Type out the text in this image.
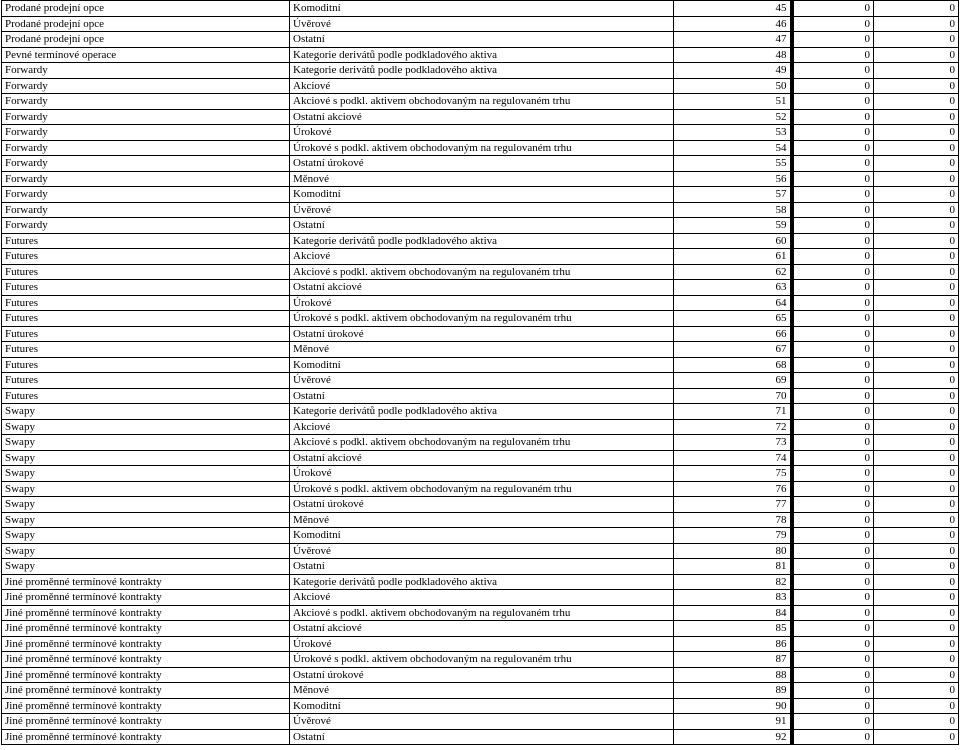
Prodané prodejní opce	Komoditní	45	0	0
Prodané prodejní opce	Úvěrové	46	0	0
Prodané prodejní opce	Ostatní	47	0	0
Pevné termínové operace	Kategorie derivátů podle podkladového aktiva	48	0	0
Forwardy	Kategorie derivátů podle podkladového aktiva	49	0	0
Forwardy	Akciové	50	0	0
Forwardy	Akciové s podkl. aktivem obchodovaným na regulovaném trhu	51	0	0
Forwardy	Ostatní akciové	52	0	0
Forwardy	Úrokové	53	0	0
Forwardy	Úrokové s podkl. aktivem obchodovaným na regulovaném trhu	54	0	0
Forwardy	Ostatní úrokové	55	0	0
Forwardy	Měnové	56	0	0
Forwardy	Komoditní	57	0	0
Forwardy	Úvěrové	58	0	0
Forwardy	Ostatní	59	0	0
Futures	Kategorie derivátů podle podkladového aktiva	60	0	0
Futures	Akciové	61	0	0
Futures	Akciové s podkl. aktivem obchodovaným na regulovaném trhu	62	0	0
Futures	Ostatní akciové	63	0	0
Futures	Úrokové	64	0	0
Futures	Úrokové s podkl. aktivem obchodovaným na regulovaném trhu	65	0	0
Futures	Ostatní úrokové	66	0	0
Futures	Měnové	67	0	0
Futures	Komoditní	68	0	0
Futures	Úvěrové	69	0	0
Futures	Ostatní	70	0	0
Swapy	Kategorie derivátů podle podkladového aktiva	71	0	0
Swapy	Akciové	72	0	0
Swapy	Akciové s podkl. aktivem obchodovaným na regulovaném trhu	73	0	0
Swapy	Ostatní akciové	74	0	0
Swapy	Úrokové	75	0	0
Swapy	Úrokové s podkl. aktivem obchodovaným na regulovaném trhu	76	0	0
Swapy	Ostatní úrokové	77	0	0
Swapy	Měnové	78	0	0
Swapy	Komoditní	79	0	0
Swapy	Úvěrové	80	0	0
Swapy	Ostatní	81	0	0
Jiné proměnné termínové kontrakty	Kategorie derivátů podle podkladového aktiva	82	0	0
Jiné proměnné termínové kontrakty	Akciové	83	0	0
Jiné proměnné termínové kontrakty	Akciové s podkl. aktivem obchodovaným na regulovaném trhu	84	0	0
Jiné proměnné termínové kontrakty	Ostatní akciové	85	0	0
Jiné proměnné termínové kontrakty	Úrokové	86	0	0
Jiné proměnné termínové kontrakty	Úrokové s podkl. aktivem obchodovaným na regulovaném trhu	87	0	0
Jiné proměnné termínové kontrakty	Ostatní úrokové	88	0	0
Jiné proměnné termínové kontrakty	Měnové	89	0	0
Jiné proměnné termínové kontrakty	Komoditní	90	0	0
Jiné proměnné termínové kontrakty	Úvěrové	91	0	0
Jiné proměnné termínové kontrakty	Ostatní	92	0	0
